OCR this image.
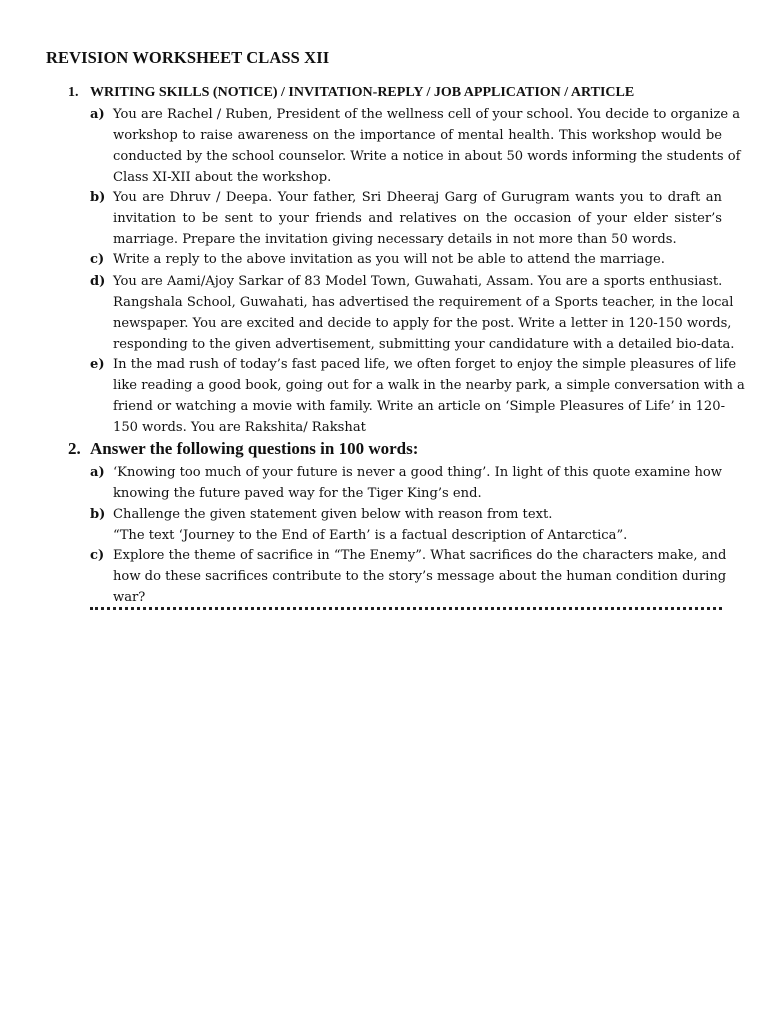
REVISION WORKSHEET CLASS XII
1. WRITING SKILLS (NOTICE) / INVITATION-REPLY / JOB APPLICATION / ARTICLE
a) You are Rachel / Ruben, President of the wellness cell of your school. You decide to organize a
workshop to raise awareness on the importance of mental health. This workshop would be
conducted by the school counselor. Write a notice in about 50 words informing the students of
Class XI-XII about the workshop.
b) You are Dhruv / Deepa. Your father, Sri Dheeraj Garg of Gurugram wants you to draft an
invitation to be sent to your friends and relatives on the occasion of your elder sister’s
marriage. Prepare the invitation giving necessary details in not more than 50 words.
c) Write a reply to the above invitation as you will not be able to attend the marriage.
d) You are Aami/Ajoy Sarkar of 83 Model Town, Guwahati, Assam. You are a sports enthusiast.
Rangshala School, Guwahati, has advertised the requirement of a Sports teacher, in the local
newspaper. You are excited and decide to apply for the post. Write a letter in 120-150 words,
responding to the given advertisement, submitting your candidature with a detailed bio-data.
e) In the mad rush of today’s fast paced life, we often forget to enjoy the simple pleasures of life
like reading a good book, going out for a walk in the nearby park, a simple conversation with a
friend or watching a movie with family. Write an article on ‘Simple Pleasures of Life’ in 120-
150 words. You are Rakshita/ Rakshat
2. Answer the following questions in 100 words:
a) ‘Knowing too much of your future is never a good thing’. In light of this quote examine how
knowing the future paved way for the Tiger King’s end.
b) Challenge the given statement given below with reason from text.
“The text ‘Journey to the End of Earth’ is a factual description of Antarctica”.
c) Explore the theme of sacrifice in “The Enemy”. What sacrifices do the characters make, and
how do these sacrifices contribute to the story’s message about the human condition during
war?
